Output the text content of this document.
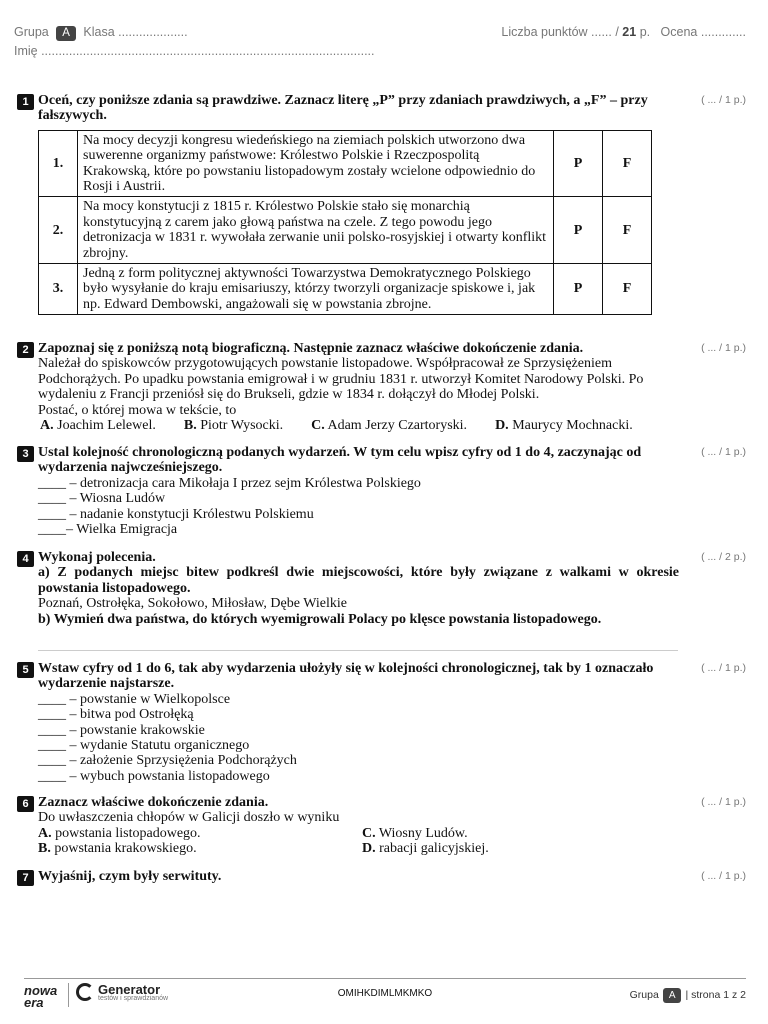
Grupa A Klasa ....................	Liczba punktów ...... / 21 p. Ocena .............
Imię ................................................................................................
1 Oceń, czy poniższe zdania są prawdziwe. Zaznacz literę „P” przy zdaniach prawdziwych, a „F” – przy fałszywych.
1.	Na mocy decyzji kongresu wiedeńskiego na ziemiach polskich utworzono dwa suwerenne organizmy państwowe: Królestwo Polskie i Rzeczpospolitą Krakowską, które po powstaniu listopadowym zostały wcielone odpowiednio do Rosji i Austrii.	P	F
2.	Na mocy konstytucji z 1815 r. Królestwo Polskie stało się monarchią konstytucyjną z carem jako głową państwa na czele. Z tego powodu jego detronizacja w 1831 r. wywołała zerwanie unii polsko-rosyjskiej i otwarty konflikt zbrojny.	P	F
3.	Jedną z form politycznej aktywności Towarzystwa Demokratycznego Polskiego było wysyłanie do kraju emisariuszy, którzy tworzyli organizacje spiskowe i, jak np. Edward Dembowski, angażowali się w powstania zbrojne.	P	F
( ... / 1 p.)
2 Zapoznaj się z poniższą notą biograficzną. Następnie zaznacz właściwe dokończenie zdania.
Należał do spiskowców przygotowujących powstanie listopadowe. Współpracował ze Sprzysiężeniem Podchorążych. Po upadku powstania emigrował i w grudniu 1831 r. utworzył Komitet Narodowy Polski. Po wydaleniu z Francji przeniósł się do Brukseli, gdzie w 1834 r. dołączył do Młodej Polski.
Postać, o której mowa w tekście, to
A. Joachim Lelewel. B. Piotr Wysocki. C. Adam Jerzy Czartoryski. D. Maurycy Mochnacki.
( ... / 1 p.)
3 Ustal kolejność chronologiczną podanych wydarzeń. W tym celu wpisz cyfry od 1 do 4, zaczynając od wydarzenia najwcześniejszego.
____ – detronizacja cara Mikołaja I przez sejm Królestwa Polskiego
____ – Wiosna Ludów
____ – nadanie konstytucji Królestwu Polskiemu
____– Wielka Emigracja
( ... / 1 p.)
4 Wykonaj polecenia.
a) Z podanych miejsc bitew podkreśl dwie miejscowości, które były związane z walkami w okresie powstania listopadowego.
Poznań, Ostrołęka, Sokołowo, Miłosław, Dębe Wielkie
b) Wymień dwa państwa, do których wyemigrowali Polacy po klęsce powstania listopadowego.
( ... / 2 p.)
5 Wstaw cyfry od 1 do 6, tak aby wydarzenia ułożyły się w kolejności chronologicznej, tak by 1 oznaczało wydarzenie najstarsze.
____ – powstanie w Wielkopolsce
____ – bitwa pod Ostrołęką
____ – powstanie krakowskie
____ – wydanie Statutu organicznego
____ – założenie Sprzysiężenia Podchorążych
____ – wybuch powstania listopadowego
( ... / 1 p.)
6 Zaznacz właściwe dokończenie zdania.
Do uwłaszczenia chłopów w Galicji doszło w wyniku
A. powstania listopadowego.	C. Wiosny Ludów.
B. powstania krakowskiego.	D. rabacji galicyjskiej.
( ... / 1 p.)
7 Wyjaśnij, czym były serwituty.	( ... / 1 p.)
nowa
era
Generator
testów i sprawdzianów	OMIHKDIMLMKMKO	Grupa A | strona 1 z 2
